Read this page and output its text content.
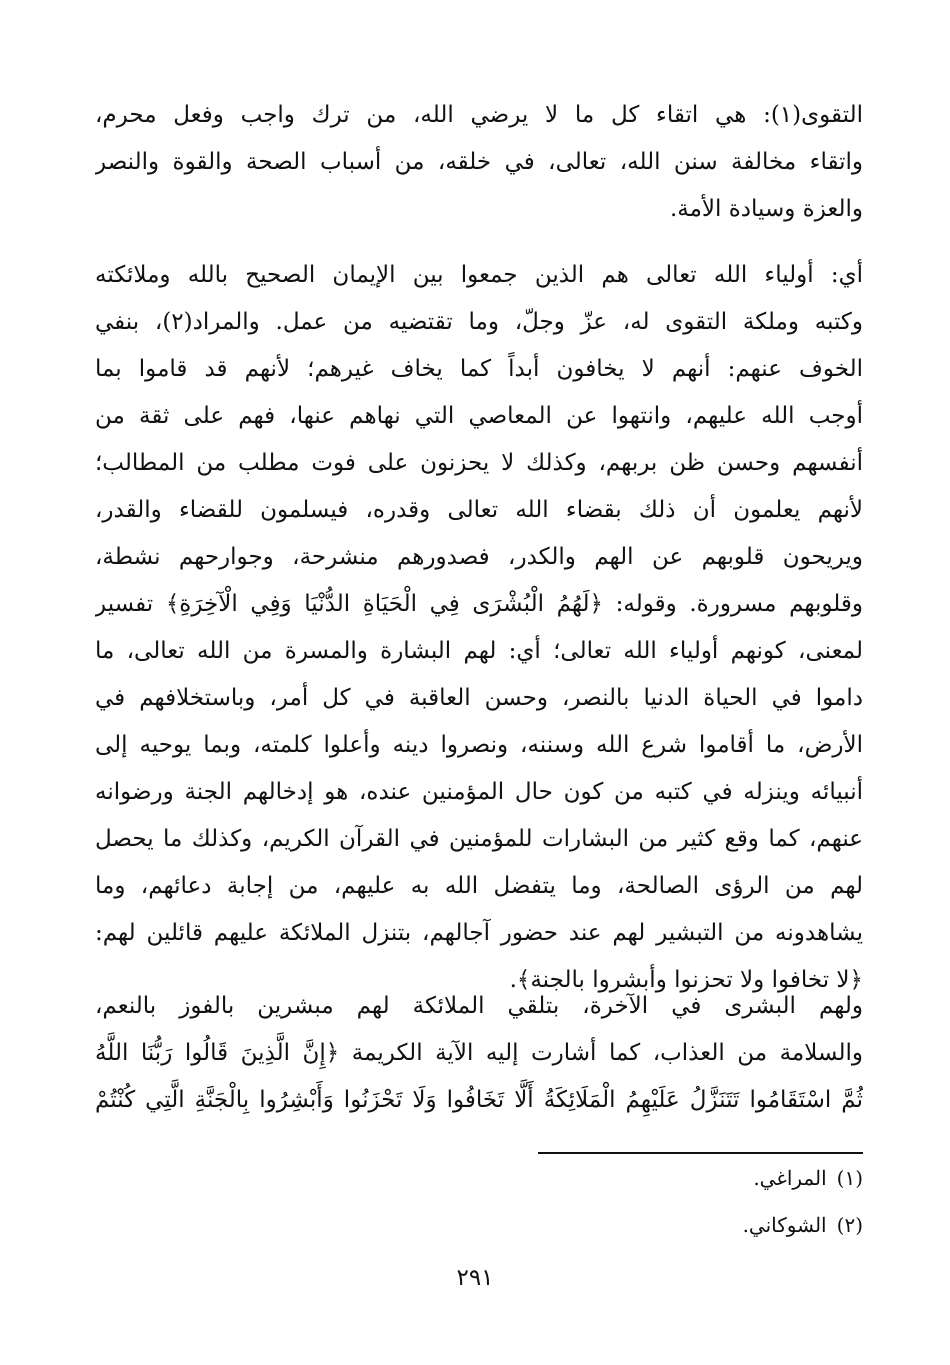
التقوى(١): هي اتقاء كل ما لا يرضي الله، من ترك واجب وفعل محرم،
واتقاء مخالفة سنن الله، تعالى، في خلقه، من أسباب الصحة والقوة والنصر
والعزة وسيادة الأمة.
أي: أولياء الله تعالى هم الذين جمعوا بين الإيمان الصحيح بالله وملائكته
وكتبه وملكة التقوى له، عزّ وجلّ، وما تقتضيه من عمل. والمراد(٢)، بنفي
الخوف عنهم: أنهم لا يخافون أبداً كما يخاف غيرهم؛ لأنهم قد قاموا بما
أوجب الله عليهم، وانتهوا عن المعاصي التي نهاهم عنها، فهم على ثقة من
أنفسهم وحسن ظن بربهم، وكذلك لا يحزنون على فوت مطلب من المطالب؛
لأنهم يعلمون أن ذلك بقضاء الله تعالى وقدره، فيسلمون للقضاء والقدر،
ويريحون قلوبهم عن الهم والكدر، فصدورهم منشرحة، وجوارحهم نشطة،
وقلوبهم مسرورة. وقوله: ﴿لَهُمُ الْبُشْرَى فِي الْحَيَاةِ الدُّنْيَا وَفِي الْآخِرَةِ﴾ تفسير
لمعنى، كونهم أولياء الله تعالى؛ أي: لهم البشارة والمسرة من الله تعالى، ما
داموا في الحياة الدنيا بالنصر، وحسن العاقبة في كل أمر، وباستخلافهم في
الأرض، ما أقاموا شرع الله وسننه، ونصروا دينه وأعلوا كلمته، وبما يوحيه إلى
أنبيائه وينزله في كتبه من كون حال المؤمنين عنده، هو إدخالهم الجنة ورضوانه
عنهم، كما وقع كثير من البشارات للمؤمنين في القرآن الكريم، وكذلك ما يحصل
لهم من الرؤى الصالحة، وما يتفضل الله به عليهم، من إجابة دعائهم، وما
يشاهدونه من التبشير لهم عند حضور آجالهم، بتنزل الملائكة عليهم قائلين لهم:
﴿لا تخافوا ولا تحزنوا وأبشروا بالجنة﴾.
ولهم البشرى في الآخرة، بتلقي الملائكة لهم مبشرين بالفوز بالنعم،
والسلامة من العذاب، كما أشارت إليه الآية الكريمة ﴿إِنَّ الَّذِينَ قَالُوا رَبُّنَا اللَّهُ
ثُمَّ اسْتَقَامُوا تَتَنَزَّلُ عَلَيْهِمُ الْمَلَائِكَةُ أَلَّا تَخَافُوا وَلَا تَحْزَنُوا وَأَبْشِرُوا بِالْجَنَّةِ الَّتِي كُنْتُمْ
(١)المراغي.
(٢)الشوكاني.
٢٩١
